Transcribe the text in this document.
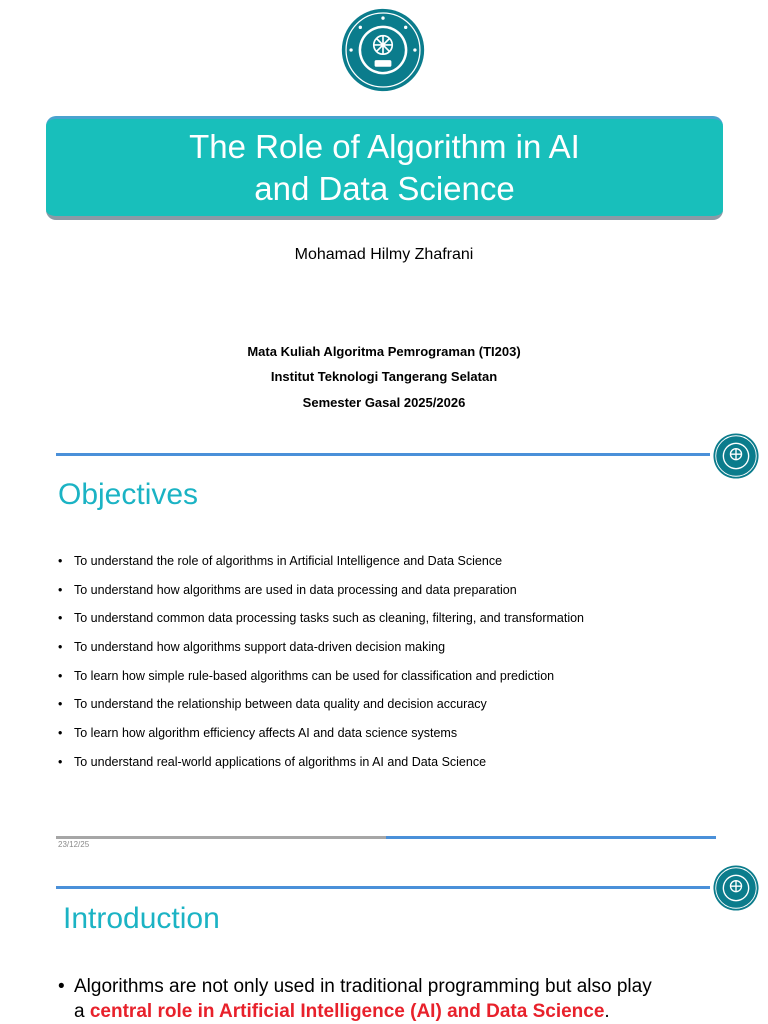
The Role of Algorithm in AI
and Data Science
Mohamad Hilmy Zhafrani
Mata Kuliah Algoritma Pemrograman (TI203)
Institut Teknologi Tangerang Selatan
Semester Gasal 2025/2026
Objectives
• To understand the role of algorithms in Artificial Intelligence and Data Science
• To understand how algorithms are used in data processing and data preparation
• To understand common data processing tasks such as cleaning, filtering, and transformation
• To understand how algorithms support data-driven decision making
• To learn how simple rule-based algorithms can be used for classification and prediction
• To understand the relationship between data quality and decision accuracy
• To learn how algorithm efficiency affects AI and data science systems
• To understand real-world applications of algorithms in AI and Data Science
23/12/25
Introduction
• Algorithms are not only used in traditional programming but also play
a central role in Artificial Intelligence (AI) and Data Science.
